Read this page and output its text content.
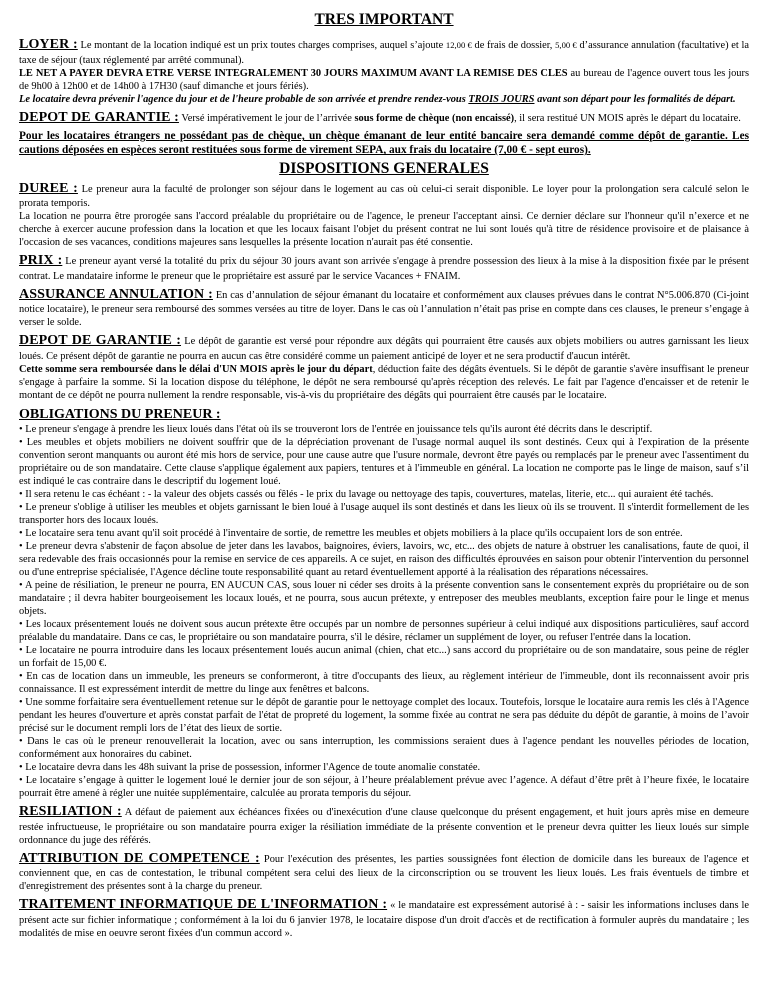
TRES IMPORTANT

LOYER : Le montant de la location indiqué est un prix toutes charges comprises, auquel s’ajoute 12,00 € de frais de dossier, 5,00 € d’assurance annulation (facultative) et la taxe de séjour (taux réglementé par arrêté communal).

LE NET A PAYER DEVRA ETRE VERSE INTEGRALEMENT 30 JOURS MAXIMUM AVANT LA REMISE DES CLES au bureau de l'agence ouvert tous les jours de 9h00 à 12h00 et de 14h00 à 17H30 (sauf dimanche et jours fériés).

Le locataire devra prévenir l'agence du jour et de l'heure probable de son arrivée et prendre rendez-vous TROIS JOURS avant son départ pour les formalités de départ.

DEPOT DE GARANTIE : Versé impérativement le jour de l’arrivée sous forme de chèque (non encaissé), il sera restitué UN MOIS après le départ du locataire.

Pour les locataires étrangers ne possédant pas de chèque, un chèque émanant de leur entité bancaire sera demandé comme dépôt de garantie. Les cautions déposées en espèces seront restituées sous forme de virement SEPA, aux frais du locataire (7,00 € - sept euros).

DISPOSITIONS GENERALES

DUREE : Le preneur aura la faculté de prolonger son séjour dans le logement au cas où celui-ci serait disponible. Le loyer pour la prolongation sera calculé selon le prorata temporis.

La location ne pourra être prorogée sans l'accord préalable du propriétaire ou de l'agence, le preneur l'acceptant ainsi. Ce dernier déclare sur l'honneur qu'il n’exerce et ne cherche à exercer aucune profession dans la location et que les locaux faisant l'objet du présent contrat ne lui sont loués qu'à titre de résidence provisoire et de plaisance à l'occasion de ses vacances, conditions majeures sans lesquelles la présente location n'aurait pas été consentie.

PRIX : Le preneur ayant versé la totalité du prix du séjour 30 jours avant son arrivée s'engage à prendre possession des lieux à la mise à la disposition fixée par le présent contrat. Le mandataire informe le preneur que le propriétaire est assuré par le service Vacances + FNAIM.

ASSURANCE ANNULATION : En cas d’annulation de séjour émanant du locataire et conformément aux clauses prévues dans le contrat N°5.006.870 (Ci-joint notice locataire), le preneur sera remboursé des sommes versées au titre de loyer. Dans le cas où l’annulation n’était pas prise en compte dans ces clauses, le preneur s’engage à verser le solde.

DEPOT DE GARANTIE : Le dépôt de garantie est versé pour répondre aux dégâts qui pourraient être causés aux objets mobiliers ou autres garnissant les lieux loués. Ce présent dépôt de garantie ne pourra en aucun cas être considéré comme un paiement anticipé de loyer et ne sera productif d'aucun intérêt.

Cette somme sera remboursée dans le délai d'UN MOIS après le jour du départ, déduction faite des dégâts éventuels. Si le dépôt de garantie s'avère insuffisant le preneur s'engage à parfaire la somme. Si la location dispose du téléphone, le dépôt ne sera remboursé qu'après réception des relevés. Le fait par l'agence d'encaisser et de retenir le montant de ce dépôt ne pourra nullement la rendre responsable, vis-à-vis du propriétaire des dégâts qui pourraient être causés par le locataire.

OBLIGATIONS DU PRENEUR :

• Le preneur s'engage à prendre les lieux loués dans l'état où ils se trouveront lors de l'entrée en jouissance tels qu'ils auront été décrits dans le descriptif.

• Les meubles et objets mobiliers ne doivent souffrir que de la dépréciation provenant de l'usage normal auquel ils sont destinés. Ceux qui à l'expiration de la présente convention seront manquants ou auront été mis hors de service, pour une cause autre que l'usure normale, devront être payés ou remplacés par le preneur avec l'assentiment du propriétaire ou de son mandataire. Cette clause s'applique également aux papiers, tentures et à l'immeuble en général. La location ne comporte pas le linge de maison, sauf s’il est indiqué le cas contraire dans le descriptif du logement loué.

• Il sera retenu le cas échéant : - la valeur des objets cassés ou fêlés - le prix du lavage ou nettoyage des tapis, couvertures, matelas, literie, etc... qui auraient été tachés.

• Le preneur s'oblige à utiliser les meubles et objets garnissant le bien loué à l'usage auquel ils sont destinés et dans les lieux où ils se trouvent. Il s'interdit formellement de les transporter hors des locaux loués.

• Le locataire sera tenu avant qu'il soit procédé à l'inventaire de sortie, de remettre les meubles et objets mobiliers à la place qu'ils occupaient lors de son entrée.

• Le preneur devra s'abstenir de façon absolue de jeter dans les lavabos, baignoires, éviers, lavoirs, wc, etc... des objets de nature à obstruer les canalisations, faute de quoi, il sera redevable des frais occasionnés pour la remise en service de ces appareils. A ce sujet, en raison des difficultés éprouvées en saison pour obtenir l'intervention du personnel ou d'une entreprise spécialisée, l'Agence décline toute responsabilité quant au retard éventuellement apporté à la réalisation des réparations nécessaires.

• A peine de résiliation, le preneur ne pourra, EN AUCUN CAS, sous louer ni céder ses droits à la présente convention sans le consentement exprès du propriétaire ou de son mandataire ; il devra habiter bourgeoisement les locaux loués, et ne pourra, sous aucun prétexte, y entreposer des meubles meublants, exception faire pour le linge et menus objets.

• Les locaux présentement loués ne doivent sous aucun prétexte être occupés par un nombre de personnes supérieur à celui indiqué aux dispositions particulières, sauf accord préalable du mandataire. Dans ce cas, le propriétaire ou son mandataire pourra, s'il le désire, réclamer un supplément de loyer, ou refuser l'entrée dans la location.

• Le locataire ne pourra introduire dans les locaux présentement loués aucun animal (chien, chat etc...) sans accord du propriétaire ou de son mandataire, sous peine de régler un forfait de 15,00 €.

• En cas de location dans un immeuble, les preneurs se conformeront, à titre d'occupants des lieux, au règlement intérieur de l'immeuble, dont ils reconnaissent avoir pris connaissance. Il est expressément interdit de mettre du linge aux fenêtres et balcons.

• Une somme forfaitaire sera éventuellement retenue sur le dépôt de garantie pour le nettoyage complet des locaux. Toutefois, lorsque le locataire aura remis les clés à l'Agence pendant les heures d'ouverture et après constat parfait de l'état de propreté du logement, la somme fixée au contrat ne sera pas déduite du dépôt de garantie, à moins de l’avoir précisé sur le document rempli lors de l’état des lieux de sortie.

• Dans le cas où le preneur renouvellerait la location, avec ou sans interruption, les commissions seraient dues à l'agence pendant les nouvelles périodes de location, conformément aux honoraires du cabinet.

• Le locataire devra dans les 48h suivant la prise de possession, informer l'Agence de toute anomalie constatée.

• Le locataire s’engage à quitter le logement loué le dernier jour de son séjour, à l’heure préalablement prévue avec l’agence. A défaut d’être prêt à l’heure fixée, le locataire pourrait être amené à régler une nuitée supplémentaire, calculée au prorata temporis du séjour.

RESILIATION : A défaut de paiement aux échéances fixées ou d'inexécution d'une clause quelconque du présent engagement, et huit jours après mise en demeure restée infructueuse, le propriétaire ou son mandataire pourra exiger la résiliation immédiate de la présente convention et le preneur devra quitter les lieux loués sur simple ordonnance du juge des référés.

ATTRIBUTION DE COMPETENCE : Pour l'exécution des présentes, les parties soussignées font élection de domicile dans les bureaux de l'agence et conviennent que, en cas de contestation, le tribunal compétent sera celui des lieux de la circonscription ou se trouvent les lieux loués. Les frais éventuels de timbre et d'enregistrement des présentes sont à la charge du preneur.

TRAITEMENT INFORMATIQUE DE L'INFORMATION : « le mandataire est expressément autorisé à : - saisir les informations incluses dans le présent acte sur fichier informatique ; conformément à la loi du 6 janvier 1978, le locataire dispose d'un droit d'accès et de rectification à formuler auprès du mandataire ; les modalités de mise en oeuvre seront fixées d'un commun accord ».
